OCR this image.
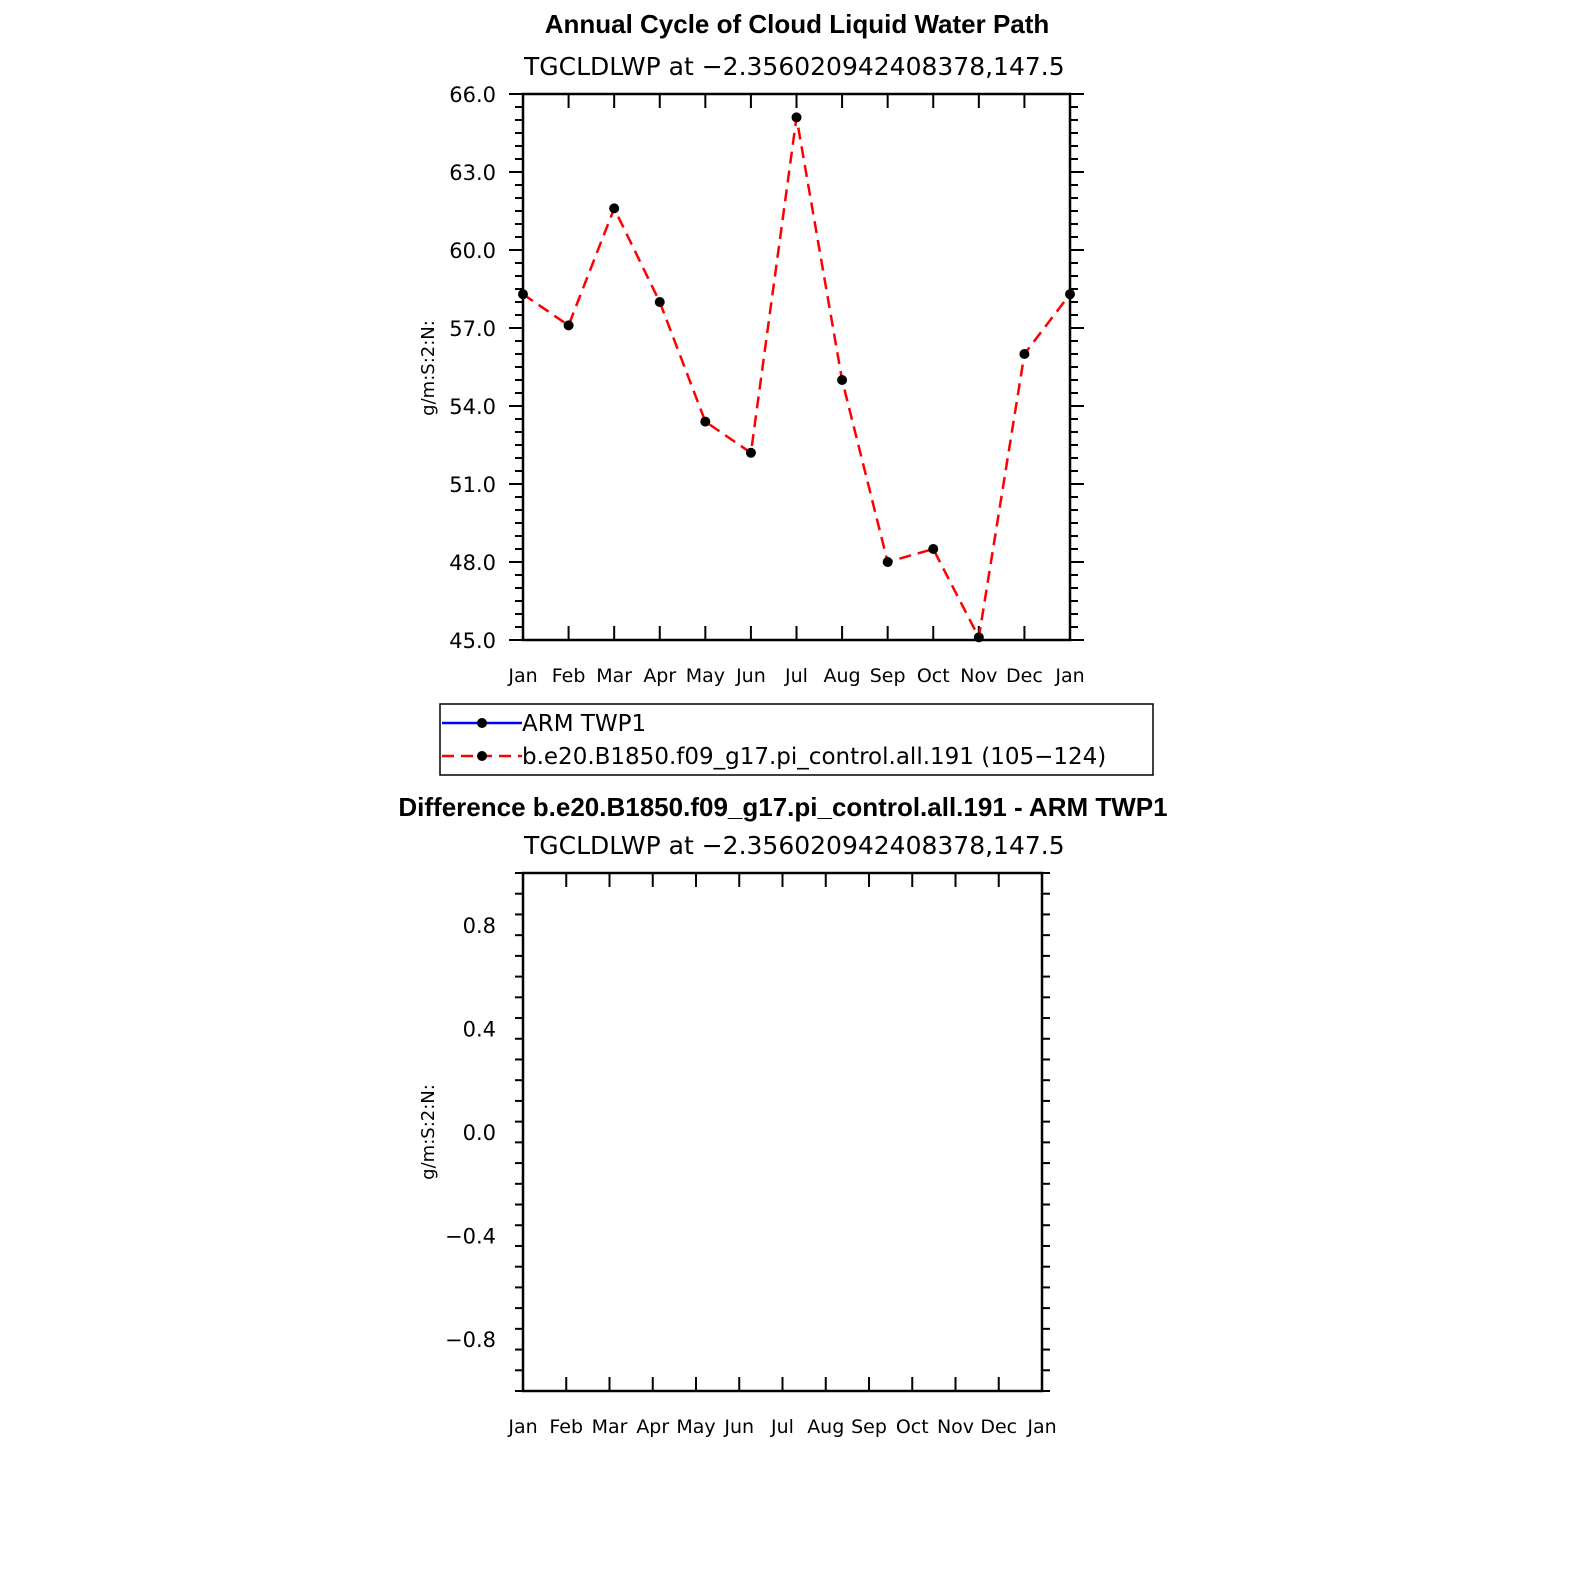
Annual Cycle of Cloud Liquid Water Path
TGCLDLWP at −2.356020942408378,147.5
g/m:S:2:N:
Jan Feb Mar Apr May Jun Jul Aug Sep Oct Nov Dec Jan
45.0
48.0
51.0
54.0
57.0
60.0
63.0
66.0
ARM TWP1
b.e20.B1850.f09_g17.pi_control.all.191 (105−124)
Difference b.e20.B1850.f09_g17.pi_control.all.191 - ARM TWP1
TGCLDLWP at −2.356020942408378,147.5
g/m:S:2:N:
Jan Feb Mar Apr May Jun Jul Aug Sep Oct Nov Dec Jan
−0.8
−0.4
0.0
0.4
0.8
